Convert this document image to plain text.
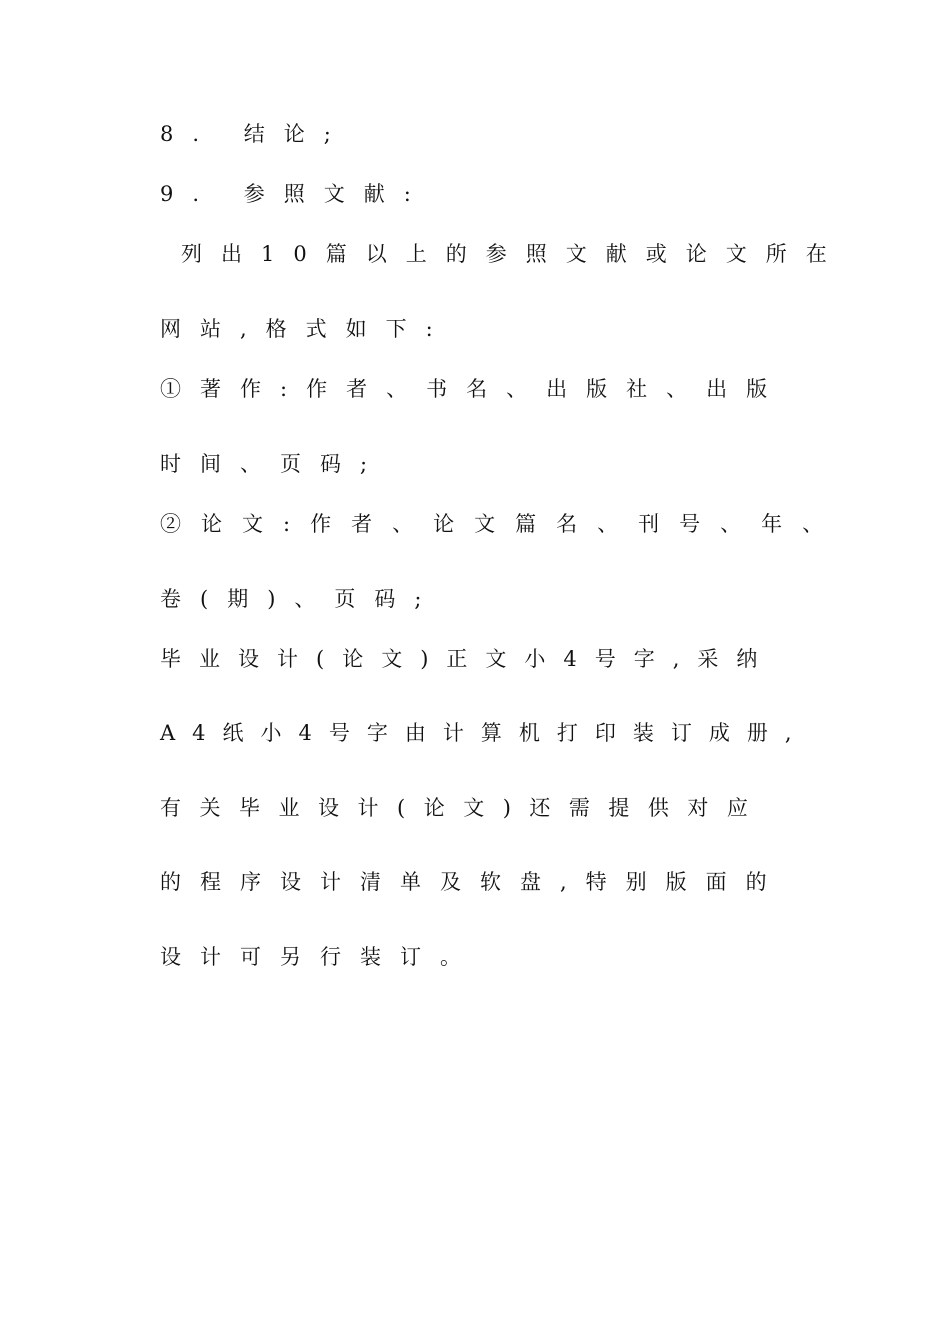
8. 结论;
9. 参照文献:
列出10篇以上的参照文献或论文所在
网站,格式如下:
①著作:作者、书名、出版社、出版
时间、页码;
②论文:作者、论文篇名、刊号、年、
卷(期)、页码;
毕业设计(论文)正文小4号字,采纳
A4纸小4号字由计算机打印装订成册,
有关毕业设计(论文)还需提供对应
的程序设计清单及软盘,特别版面的
设计可另行装订。
